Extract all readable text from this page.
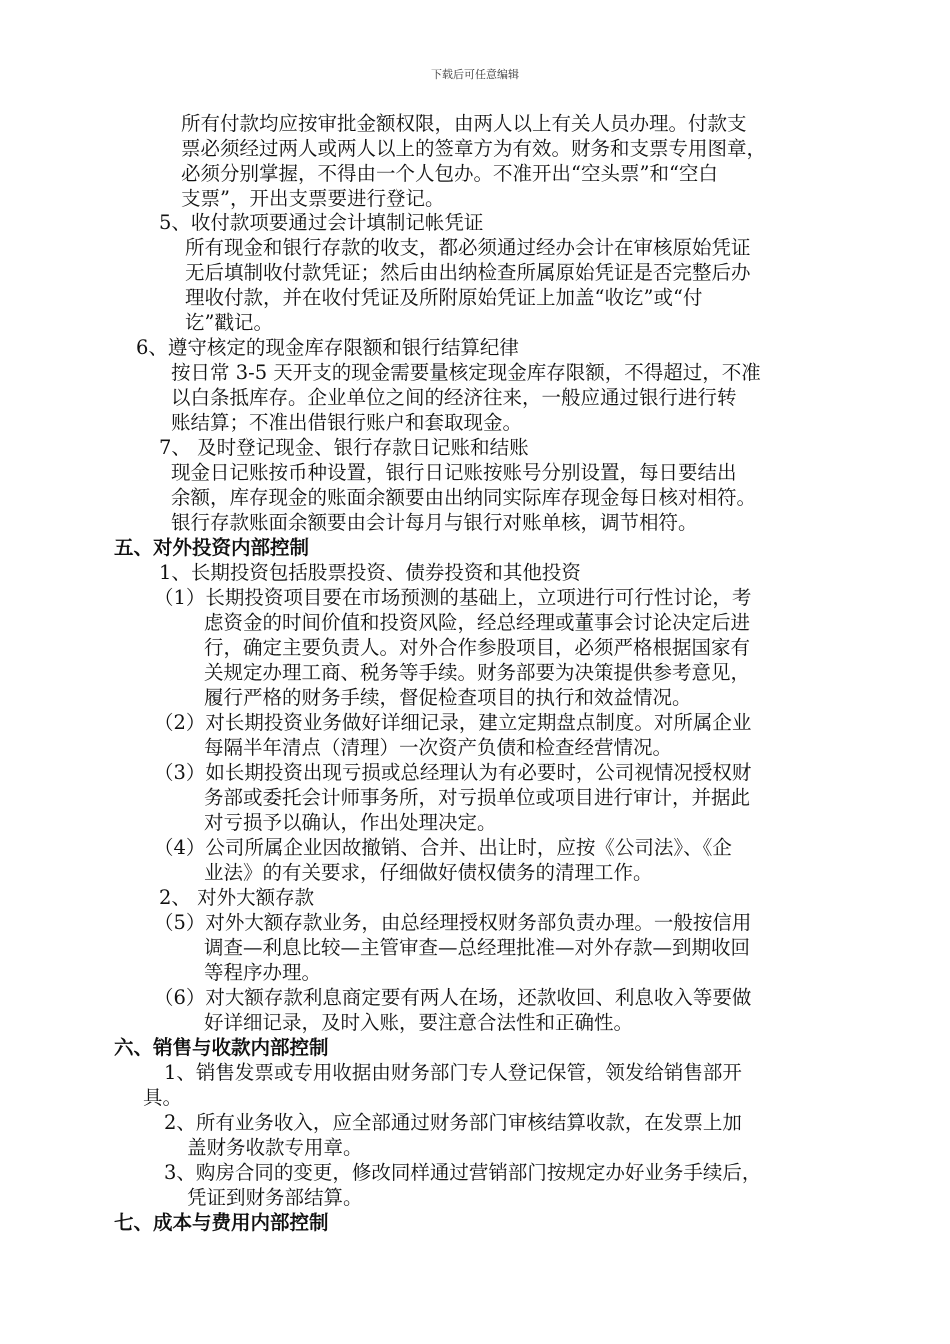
下载后可任意编辑
所有付款均应按审批金额权限，由两人以上有关人员办理。付款支
票必须经过两人或两人以上的签章方为有效。财务和支票专用图章，
必须分别掌握，不得由一个人包办。不准开出“空头票”和“空白
支票”，开出支票要进行登记。
5、收付款项要通过会计填制记帐凭证
所有现金和银行存款的收支，都必须通过经办会计在审核原始凭证
无后填制收付款凭证；然后由出纳检查所属原始凭证是否完整后办
理收付款，并在收付凭证及所附原始凭证上加盖“收讫”或“付
讫”戳记。
6、遵守核定的现金库存限额和银行结算纪律
按日常 3-5 天开支的现金需要量核定现金库存限额，不得超过，不准
以白条抵库存。企业单位之间的经济往来，一般应通过银行进行转
账结算；不准出借银行账户和套取现金。
7、 及时登记现金、银行存款日记账和结账
现金日记账按币种设置，银行日记账按账号分别设置，每日要结出
余额，库存现金的账面余额要由出纳同实际库存现金每日核对相符。
银行存款账面余额要由会计每月与银行对账单核，调节相符。
五、对外投资内部控制
1、长期投资包括股票投资、债券投资和其他投资
（1）长期投资项目要在市场预测的基础上，立项进行可行性讨论，考
虑资金的时间价值和投资风险，经总经理或董事会讨论决定后进
行，确定主要负责人。对外合作参股项目，必须严格根据国家有
关规定办理工商、税务等手续。财务部要为决策提供参考意见，
履行严格的财务手续，督促检查项目的执行和效益情况。
（2）对长期投资业务做好详细记录，建立定期盘点制度。对所属企业
每隔半年清点（清理）一次资产负债和检查经营情况。
（3）如长期投资出现亏损或总经理认为有必要时，公司视情况授权财
务部或委托会计师事务所，对亏损单位或项目进行审计，并据此
对亏损予以确认，作出处理决定。
（4）公司所属企业因故撤销、合并、出让时，应按《公司法》、《企
业法》的有关要求，仔细做好债权债务的清理工作。
2、 对外大额存款
（5）对外大额存款业务，由总经理授权财务部负责办理。一般按信用
调查—利息比较—主管审查—总经理批准—对外存款—到期收回
等程序办理。
（6）对大额存款利息商定要有两人在场，还款收回、利息收入等要做
好详细记录，及时入账，要注意合法性和正确性。
六、销售与收款内部控制
1、销售发票或专用收据由财务部门专人登记保管，领发给销售部开
具。
2、所有业务收入，应全部通过财务部门审核结算收款，在发票上加
盖财务收款专用章。
3、购房合同的变更，修改同样通过营销部门按规定办好业务手续后，
凭证到财务部结算。
七、成本与费用内部控制
